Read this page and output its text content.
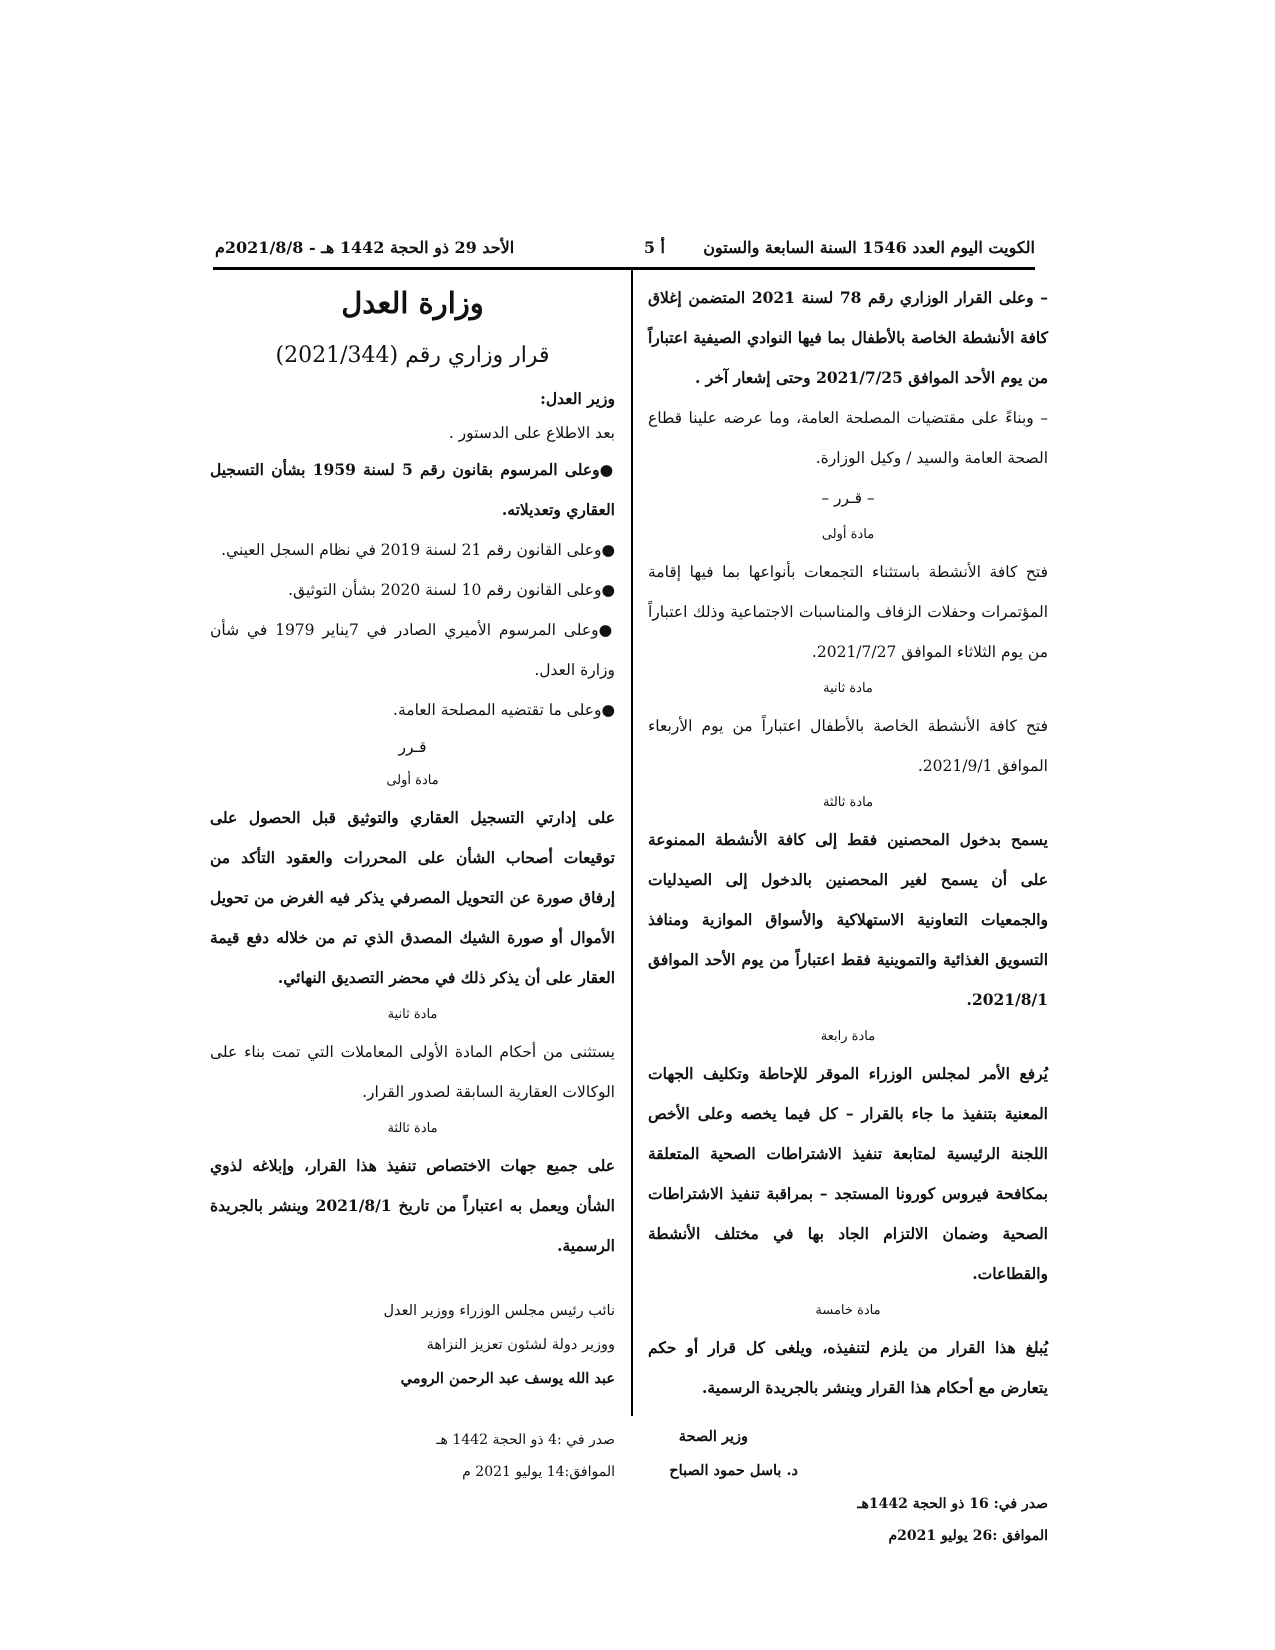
الكويت اليوم العدد 1546 السنة السابعة والستون
أ 5
الأحد 29 ذو الحجة 1442 هـ - 2021/8/8م

– وعلى القرار الوزاري رقم 78 لسنة 2021 المتضمن إغلاق كافة الأنشطة الخاصة بالأطفال بما فيها النوادي الصيفية اعتباراً من يوم الأحد الموافق 2021/7/25 وحتى إشعار آخر .

– وبناءً على مقتضيات المصلحة العامة، وما عرضه علينا قطاع الصحة العامة والسيد / وكيل الوزارة.

– قـرر –

مادة أولى

فتح كافة الأنشطة باستثناء التجمعات بأنواعها بما فيها إقامة المؤتمرات وحفلات الزفاف والمناسبات الاجتماعية وذلك اعتباراً من يوم الثلاثاء الموافق 2021/7/27.

مادة ثانية

فتح كافة الأنشطة الخاصة بالأطفال اعتباراً من يوم الأربعاء الموافق 2021/9/1.

مادة ثالثة

يسمح بدخول المحصنين فقط إلى كافة الأنشطة الممنوعة على أن يسمح لغير المحصنين بالدخول إلى الصيدليات والجمعيات التعاونية الاستهلاكية والأسواق الموازية ومنافذ التسويق الغذائية والتموينية فقط اعتباراً من يوم الأحد الموافق 2021/8/1.

مادة رابعة

يُرفع الأمر لمجلس الوزراء الموقر للإحاطة وتكليف الجهات المعنية بتنفيذ ما جاء بالقرار – كل فيما يخصه وعلى الأخص اللجنة الرئيسية لمتابعة تنفيذ الاشتراطات الصحية المتعلقة بمكافحة فيروس كورونا المستجد – بمراقبة تنفيذ الاشتراطات الصحية وضمان الالتزام الجاد بها في مختلف الأنشطة والقطاعات.

مادة خامسة

يُبلغ هذا القرار من يلزم لتنفيذه، ويلغى كل قرار أو حكم يتعارض مع أحكام هذا القرار وينشر بالجريدة الرسمية.

وزير الصحة

د. باسل حمود الصباح

صدر في: 16 ذو الحجة 1442هـ

الموافق :26 يوليو 2021م

وزارة العدل

قرار وزاري رقم (2021/344)

وزير العدل:

بعد الاطلاع على الدستور .

●وعلى المرسوم بقانون رقم 5 لسنة 1959 بشأن التسجيل العقاري وتعديلاته.

●وعلى القانون رقم 21 لسنة 2019 في نظام السجل العيني.

●وعلى القانون رقم 10 لسنة 2020 بشأن التوثيق.

●وعلى المرسوم الأميري الصادر في 7يناير 1979 في شأن وزارة العدل.

●وعلى ما تقتضيه المصلحة العامة.

قـرر

مادة أولى

على إدارتي التسجيل العقاري والتوثيق قبل الحصول على توقيعات أصحاب الشأن على المحررات والعقود التأكد من إرفاق صورة عن التحويل المصرفي يذكر فيه الغرض من تحويل الأموال أو صورة الشيك المصدق الذي تم من خلاله دفع قيمة العقار على أن يذكر ذلك في محضر التصديق النهائي.

مادة ثانية

يستثنى من أحكام المادة الأولى المعاملات التي تمت بناء على الوكالات العقارية السابقة لصدور القرار.

مادة ثالثة

على جميع جهات الاختصاص تنفيذ هذا القرار، وإبلاغه لذوي الشأن ويعمل به اعتباراً من تاريخ 2021/8/1 وينشر بالجريدة الرسمية.

نائب رئيس مجلس الوزراء ووزير العدل

ووزير دولة لشئون تعزيز النزاهة

عبد الله يوسف عبد الرحمن الرومي

صدر في :4 ذو الحجة 1442 هـ

الموافق:14 يوليو 2021 م
